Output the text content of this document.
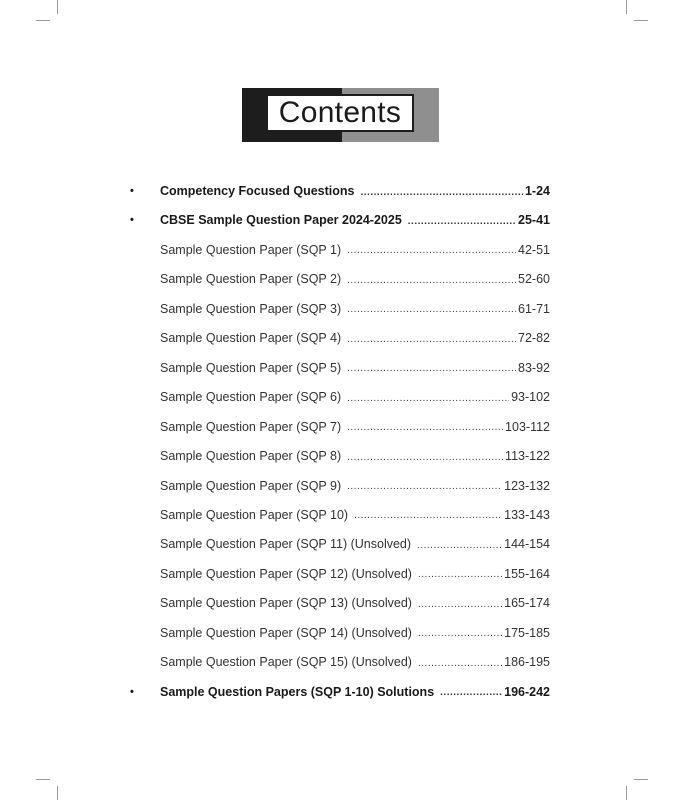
Contents
•	Competency Focused Questions .....	1-24
•	CBSE Sample Question Paper 2024-2025 .....	25-41
Sample Question Paper (SQP 1) .....	42-51
Sample Question Paper (SQP 2) .....	52-60
Sample Question Paper (SQP 3) .....	61-71
Sample Question Paper (SQP 4) .....	72-82
Sample Question Paper (SQP 5) .....	83-92
Sample Question Paper (SQP 6) .....	93-102
Sample Question Paper (SQP 7) .....	103-112
Sample Question Paper (SQP 8) .....	113-122
Sample Question Paper (SQP 9) .....	123-132
Sample Question Paper (SQP 10) .....	133-143
Sample Question Paper (SQP 11) (Unsolved) .....	144-154
Sample Question Paper (SQP 12) (Unsolved) .....	155-164
Sample Question Paper (SQP 13) (Unsolved) .....	165-174
Sample Question Paper (SQP 14) (Unsolved) .....	175-185
Sample Question Paper (SQP 15) (Unsolved) .....	186-195
•	Sample Question Papers (SQP 1-10) Solutions .....	196-242
